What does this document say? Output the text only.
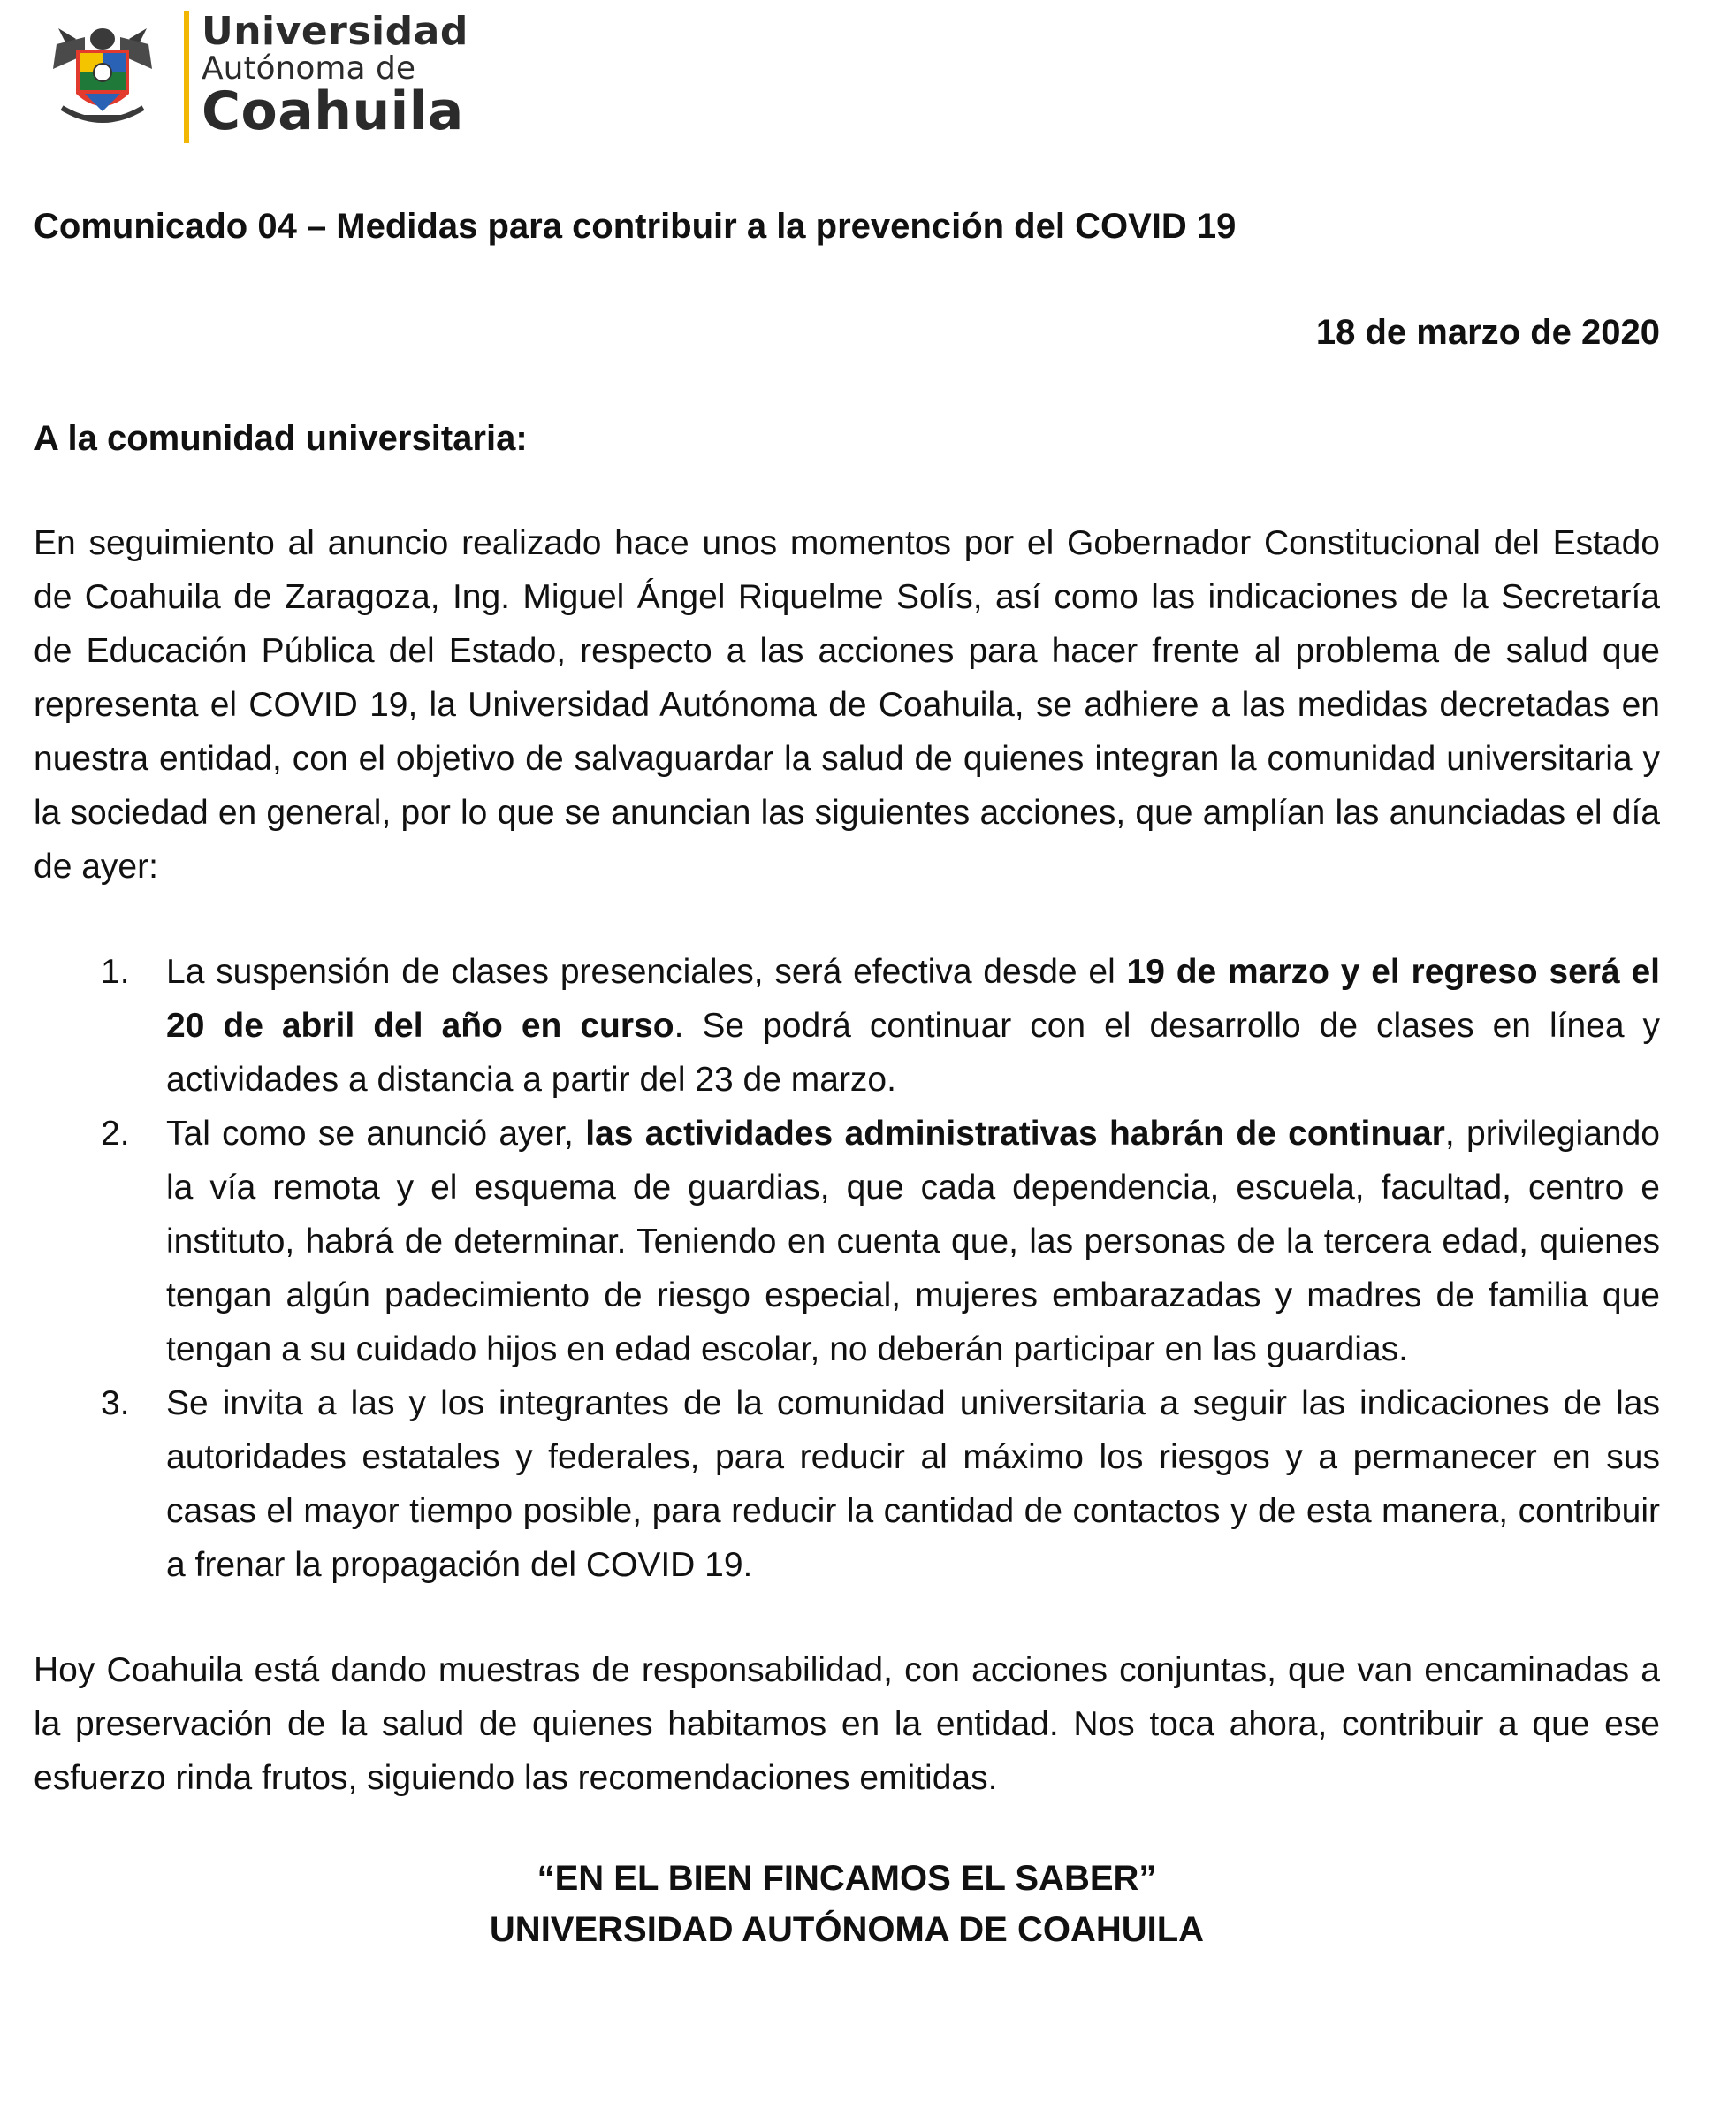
Universidad
Autónoma de
Coahuila

Comunicado 04 – Medidas para contribuir a la prevención del COVID 19

18 de marzo de 2020

A la comunidad universitaria:

En seguimiento al anuncio realizado hace unos momentos por el Gobernador Constitucional del Estado de Coahuila de Zaragoza, Ing. Miguel Ángel Riquelme Solís, así como las indicaciones de la Secretaría de Educación Pública del Estado, respecto a las acciones para hacer frente al problema de salud que representa el COVID 19, la Universidad Autónoma de Coahuila, se adhiere a las medidas decretadas en nuestra entidad, con el objetivo de salvaguardar la salud de quienes integran la comunidad universitaria y la sociedad en general, por lo que se anuncian las siguientes acciones, que amplían las anunciadas el día de ayer:

1. La suspensión de clases presenciales, será efectiva desde el 19 de marzo y el regreso será el 20 de abril del año en curso. Se podrá continuar con el desarrollo de clases en línea y actividades a distancia a partir del 23 de marzo.
2. Tal como se anunció ayer, las actividades administrativas habrán de continuar, privilegiando la vía remota y el esquema de guardias, que cada dependencia, escuela, facultad, centro e instituto, habrá de determinar. Teniendo en cuenta que, las personas de la tercera edad, quienes tengan algún padecimiento de riesgo especial, mujeres embarazadas y madres de familia que tengan a su cuidado hijos en edad escolar, no deberán participar en las guardias.
3. Se invita a las y los integrantes de la comunidad universitaria a seguir las indicaciones de las autoridades estatales y federales, para reducir al máximo los riesgos y a permanecer en sus casas el mayor tiempo posible, para reducir la cantidad de contactos y de esta manera, contribuir a frenar la propagación del COVID 19.

Hoy Coahuila está dando muestras de responsabilidad, con acciones conjuntas, que van encaminadas a la preservación de la salud de quienes habitamos en la entidad. Nos toca ahora, contribuir a que ese esfuerzo rinda frutos, siguiendo las recomendaciones emitidas.

“EN EL BIEN FINCAMOS EL SABER”
UNIVERSIDAD AUTÓNOMA DE COAHUILA
